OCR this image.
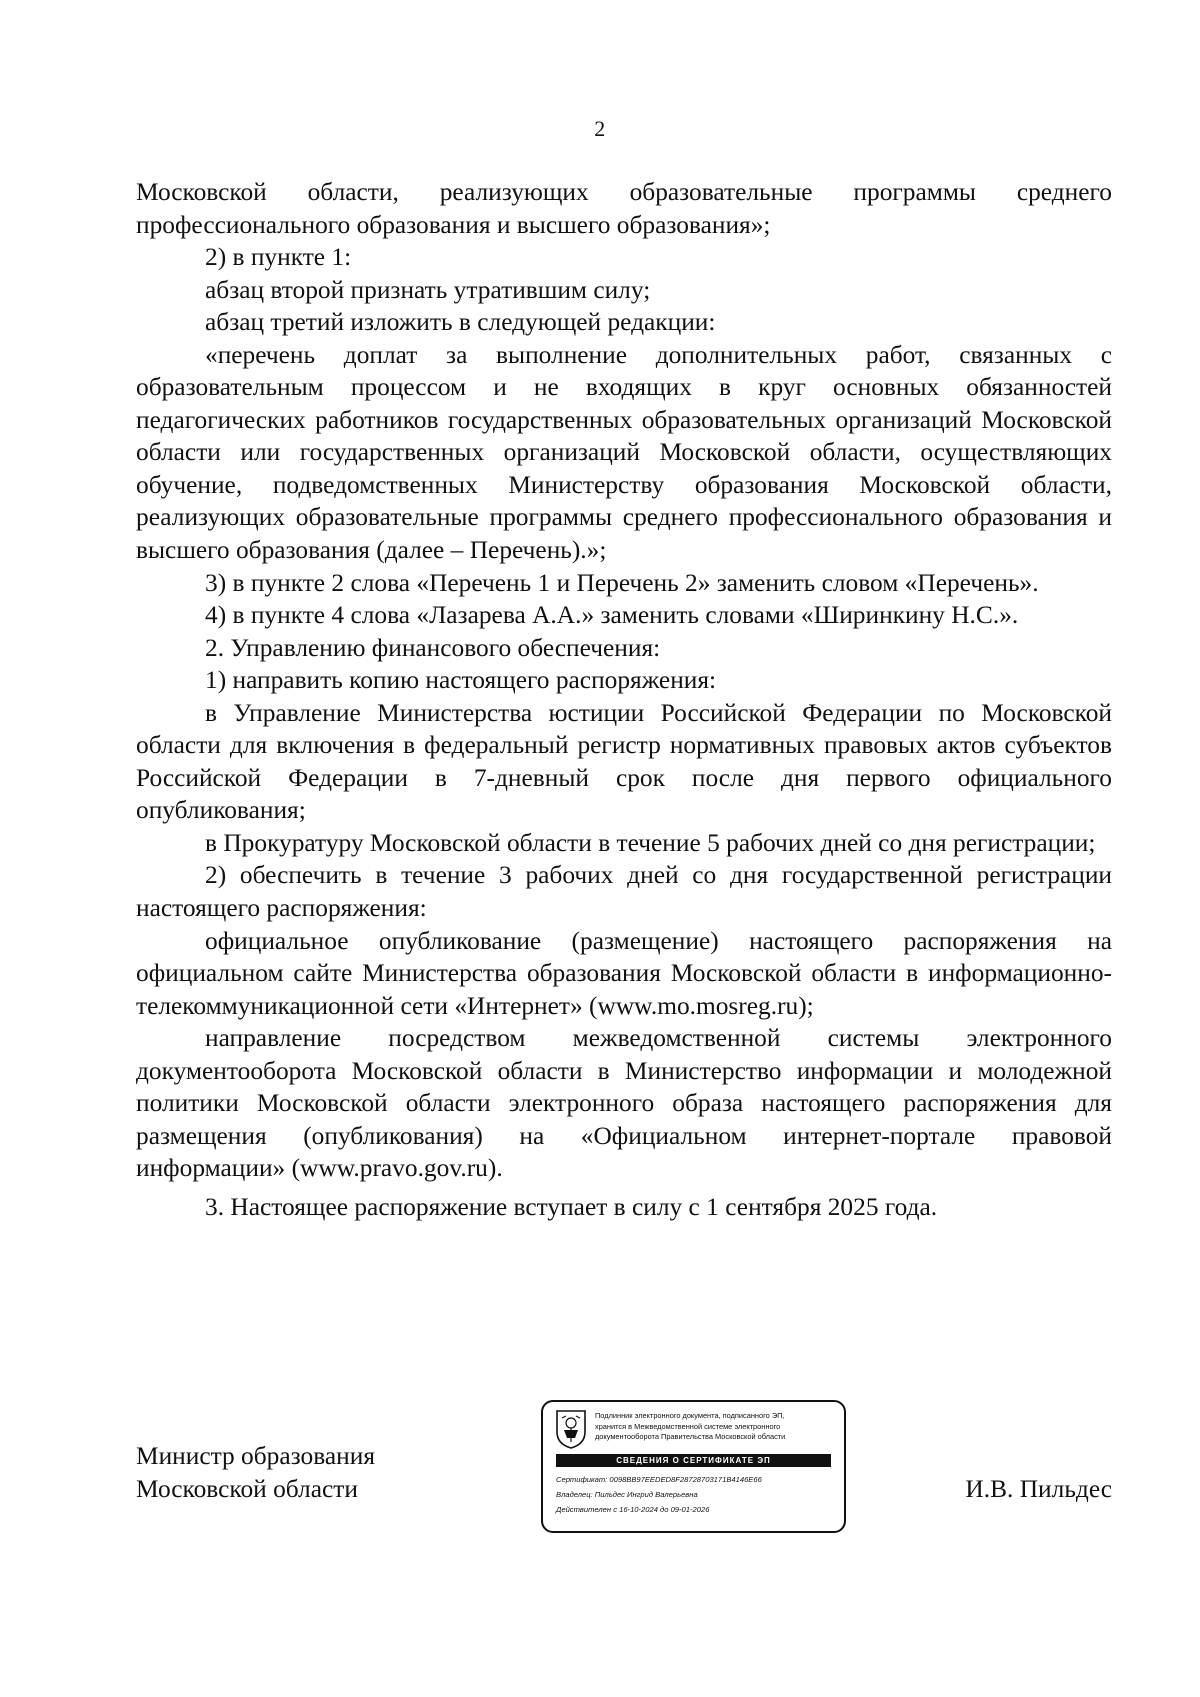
2

Московской области, реализующих образовательные программы среднего

профессионального образования и высшего образования»;

2) в пункте 1:

абзац второй признать утратившим силу;

абзац третий изложить в следующей редакции:

«перечень доплат за выполнение дополнительных работ, связанных с образовательным процессом и не входящих в круг основных обязанностей педагогических работников государственных образовательных организаций Московской области или государственных организаций Московской области, осуществляющих обучение, подведомственных Министерству образования Московской области, реализующих образовательные программы среднего профессионального образования и высшего образования (далее – Перечень).»;

3) в пункте 2 слова «Перечень 1 и Перечень 2» заменить словом «Перечень».

4) в пункте 4 слова «Лазарева А.А.» заменить словами «Ширинкину Н.С.».

2. Управлению финансового обеспечения:

1) направить копию настоящего распоряжения:

в Управление Министерства юстиции Российской Федерации по Московской области для включения в федеральный регистр нормативных правовых актов субъектов Российской Федерации в 7-дневный срок после дня первого официального опубликования;

в Прокуратуру Московской области в течение 5 рабочих дней со дня регистрации;

2) обеспечить в течение 3 рабочих дней со дня государственной регистрации настоящего распоряжения:

официальное опубликование (размещение) настоящего распоряжения на официальном сайте Министерства образования Московской области в информационно-телекоммуникационной сети «Интернет» (www.mo.mosreg.ru);

направление посредством межведомственной системы электронного документооборота Московской области в Министерство информации и молодежной политики Московской области электронного образа настоящего распоряжения для размещения (опубликования) на «Официальном интернет-портале правовой информации» (www.pravo.gov.ru).

3. Настоящее распоряжение вступает в силу с 1 сентября 2025 года.

Министр образования
Московской области
Подлинник электронного документа, подписанного ЭП,
хранится в Межведомственной системе электронного
документооборота Правительства Московской области
СВЕДЕНИЯ О СЕРТИФИКАТЕ ЭП
Сертификат: 0098BB97EEDED8F28728703171B4146E66
Владелец: Пильдес Ингрид Валерьевна
Действителен с 16-10-2024 до 09-01-2026
И.В. Пильдес
